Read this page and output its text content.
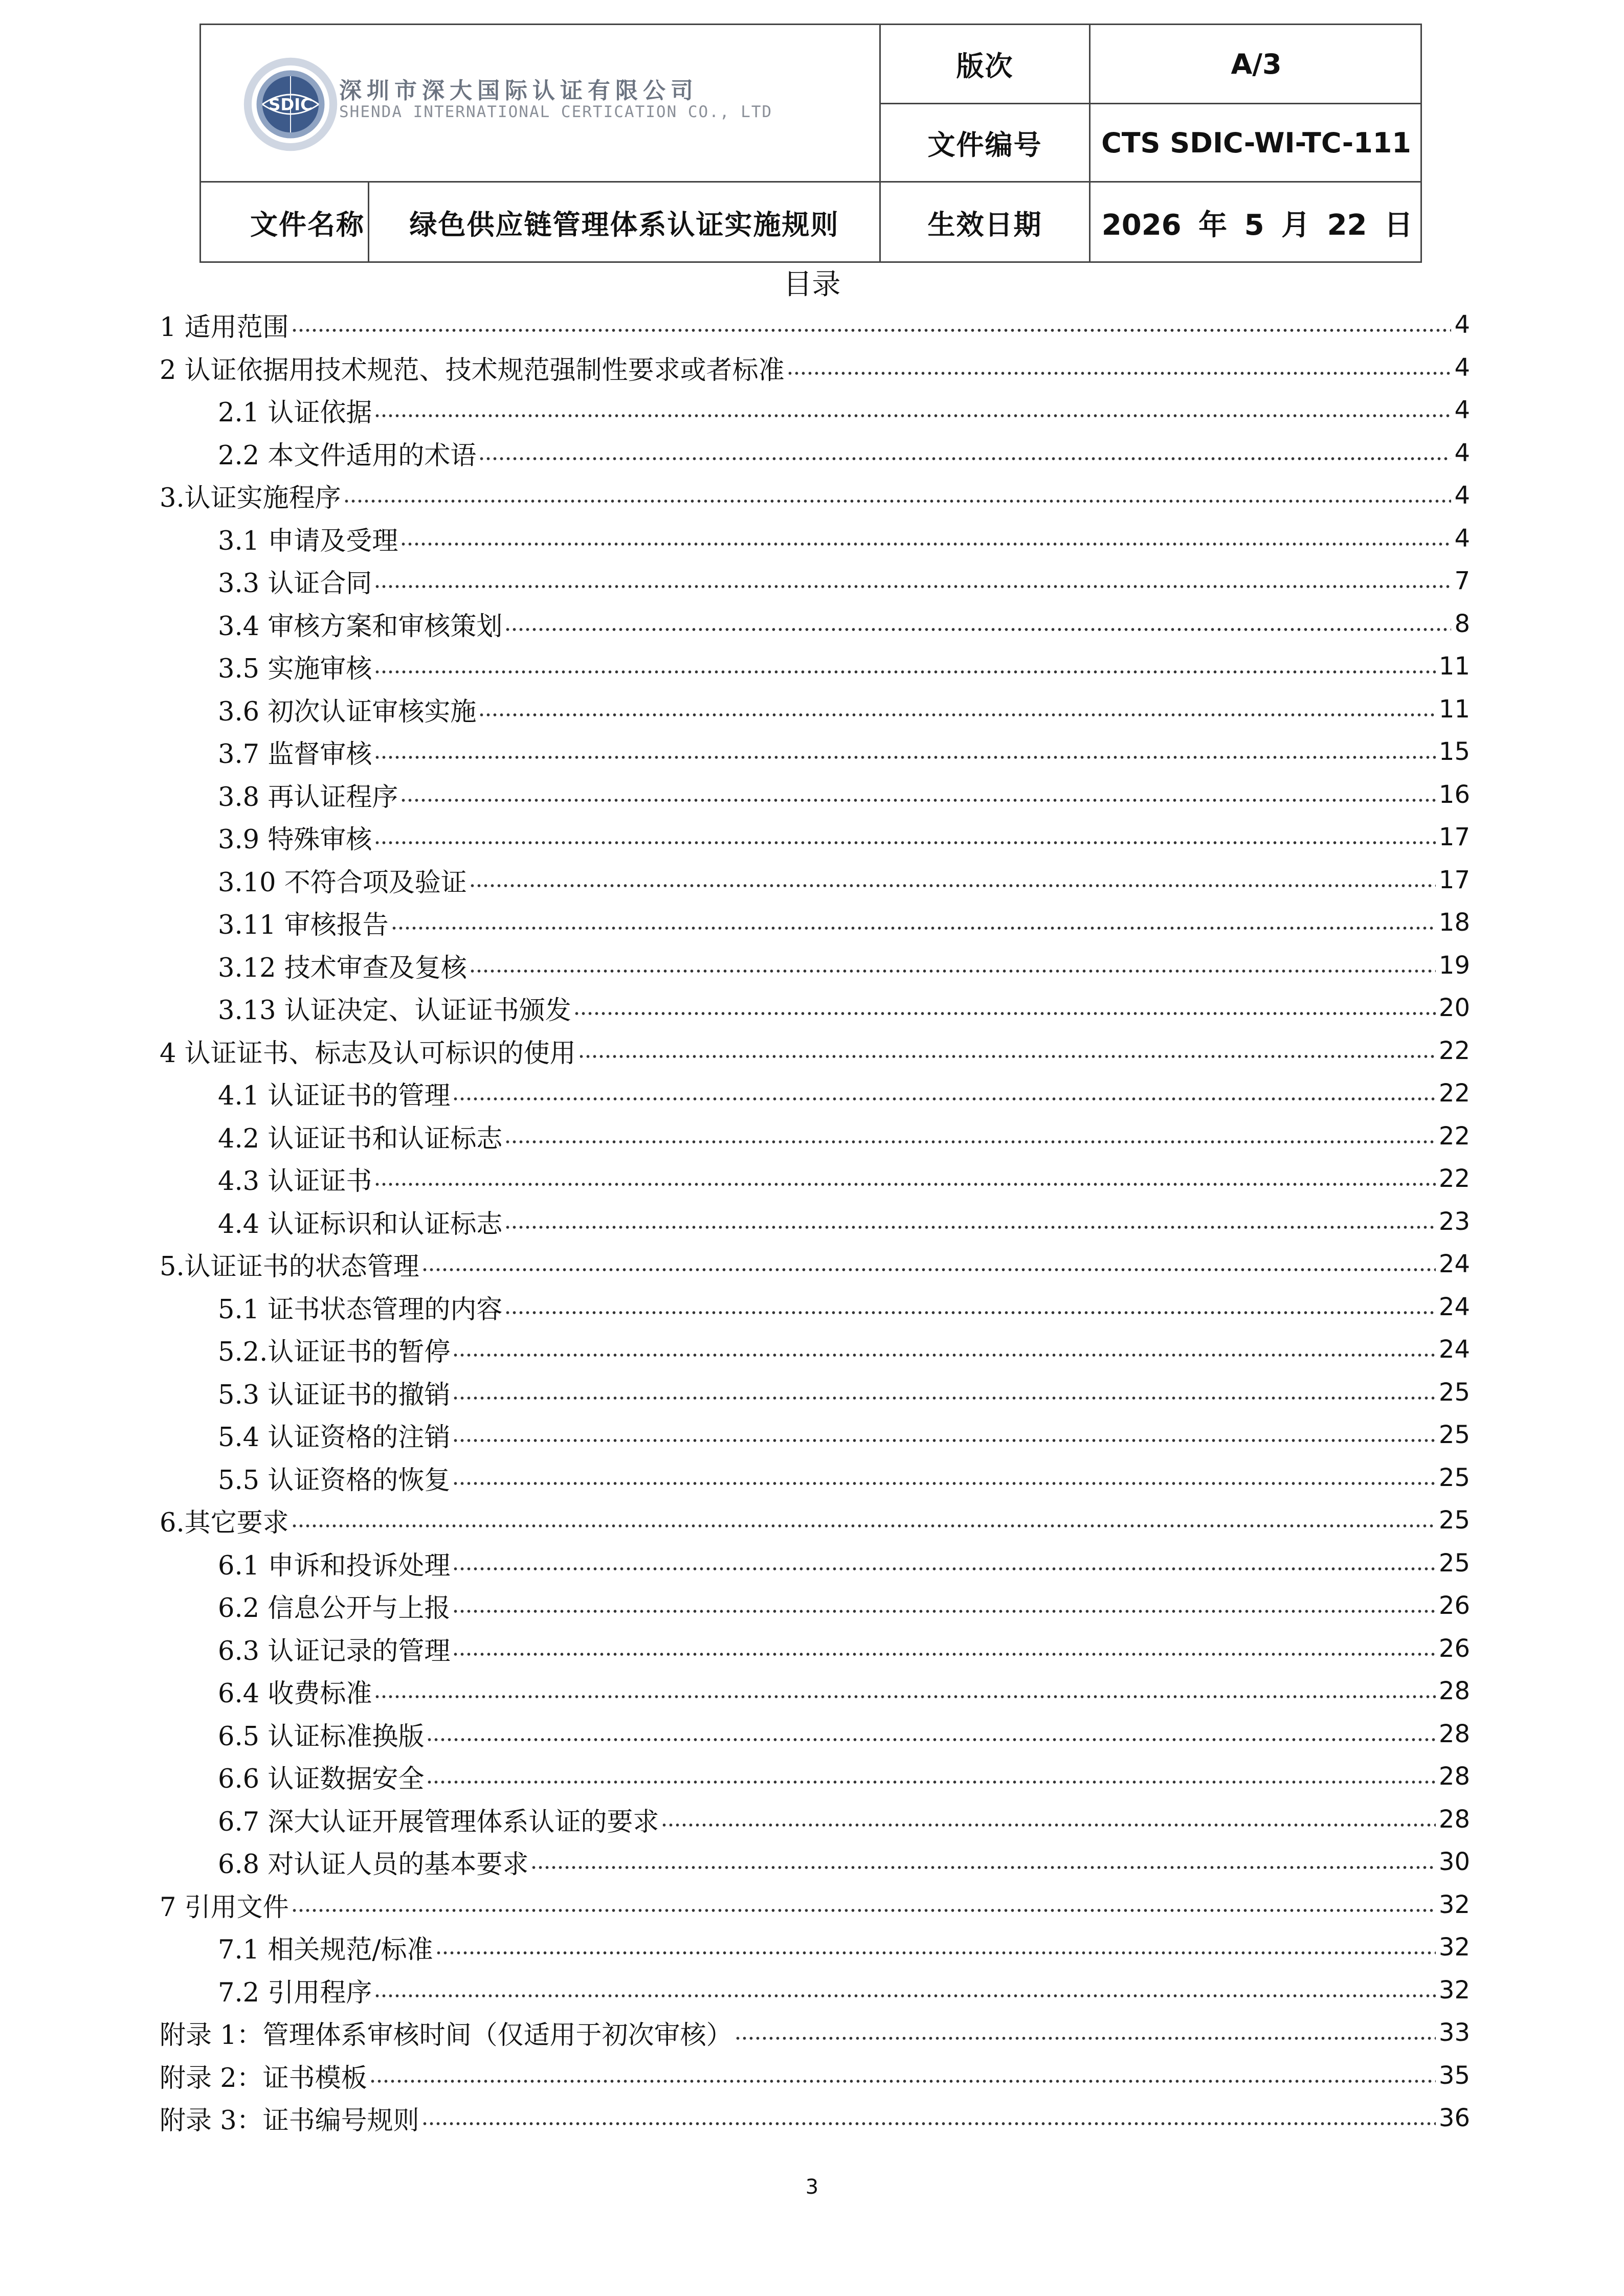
SDIC
深圳市深大国际认证有限公司
SHENDA INTERNATIONAL CERTICATION CO., LTD
版次	A/3
文件编号	CTS SDIC-WI-TC-111
文件名称	绿色供应链管理体系认证实施规则	生效日期	2026 年 5 月 22 日
目录
1 适用范围	4
2 认证依据用技术规范、技术规范强制性要求或者标准	4
2.1 认证依据	4
2.2 本文件适用的术语	4
3.认证实施程序	4
3.1 申请及受理	4
3.3 认证合同	7
3.4 审核方案和审核策划	8
3.5 实施审核	11
3.6 初次认证审核实施	11
3.7 监督审核	15
3.8 再认证程序	16
3.9 特殊审核	17
3.10 不符合项及验证	17
3.11 审核报告	18
3.12 技术审查及复核	19
3.13 认证决定、认证证书颁发	20
4 认证证书、标志及认可标识的使用	22
4.1 认证证书的管理	22
4.2 认证证书和认证标志	22
4.3 认证证书	22
4.4 认证标识和认证标志	23
5.认证证书的状态管理	24
5.1 证书状态管理的内容	24
5.2.认证证书的暂停	24
5.3 认证证书的撤销	25
5.4 认证资格的注销	25
5.5 认证资格的恢复	25
6.其它要求	25
6.1 申诉和投诉处理	25
6.2 信息公开与上报	26
6.3 认证记录的管理	26
6.4 收费标准	28
6.5 认证标准换版	28
6.6 认证数据安全	28
6.7 深大认证开展管理体系认证的要求	28
6.8 对认证人员的基本要求	30
7 引用文件	32
7.1 相关规范/标准	32
7.2 引用程序	32
附录 1：管理体系审核时间（仅适用于初次审核）	33
附录 2：证书模板	35
附录 3：证书编号规则	36
3
